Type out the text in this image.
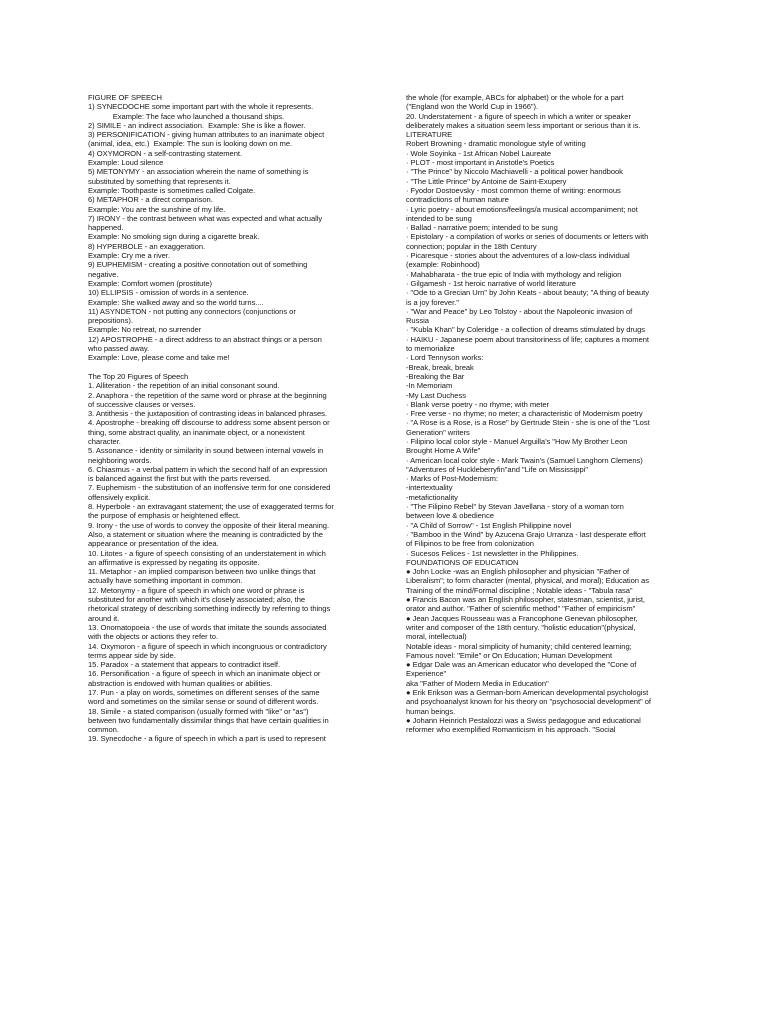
FIGURE OF SPEECH
1) SYNECDOCHE some important part with the whole it represents.
Example: The face who launched a thousand ships.
2) SIMILE - an indirect association.  Example: She is like a flower.
3) PERSONIFICATION - giving human attributes to an inanimate object
(animal, idea, etc.)  Example: The sun is looking down on me.
4) OXYMORON - a self-contrasting statement.
Example: Loud silence
5) METONYMY - an association wherein the name of something is
substituted by something that represents it.
Example: Toothpaste is sometimes called Colgate.
6) METAPHOR - a direct comparison.
Example: You are the sunshine of my life.
7) IRONY - the contrast between what was expected and what actually
happened.
Example: No smoking sign during a cigarette break.
8) HYPERBOLE - an exaggeration.
Example: Cry me a river.
9) EUPHEMISM - creating a positive connotation out of something
negative.
Example: Comfort women (prostitute)
10) ELLIPSIS - omission of words in a sentence.
Example: She walked away and so the world turns....
11) ASYNDETON - not putting any connectors (conjunctions or
prepositions).
Example: No retreat, no surrender
12) APOSTROPHE - a direct address to an abstract things or a person
who passed away.
Example: Love, please come and take me!
The Top 20 Figures of Speech
1. Alliteration - the repetition of an initial consonant sound.
2. Anaphora - the repetition of the same word or phrase at the beginning
of successive clauses or verses.
3. Antithesis - the juxtaposition of contrasting ideas in balanced phrases.
4. Apostrophe - breaking off discourse to address some absent person or
thing, some abstract quality, an inanimate object, or a nonexistent
character.
5. Assonance - identity or similarity in sound between internal vowels in
neighboring words.
6. Chiasmus - a verbal pattern in which the second half of an expression
is balanced against the first but with the parts reversed.
7. Euphemism - the substitution of an inoffensive term for one considered
offensively explicit.
8. Hyperbole - an extravagant statement; the use of exaggerated terms for
the purpose of emphasis or heightened effect.
9. Irony - the use of words to convey the opposite of their literal meaning.
Also, a statement or situation where the meaning is contradicted by the
appearance or presentation of the idea.
10. Litotes - a figure of speech consisting of an understatement in which
an affirmative is expressed by negating its opposite.
11. Metaphor - an implied comparison between two unlike things that
actually have something important in common.
12. Metonymy - a figure of speech in which one word or phrase is
substituted for another with which it's closely associated; also, the
rhetorical strategy of describing something indirectly by referring to things
around it.
13. Onomatopoeia - the use of words that imitate the sounds associated
with the objects or actions they refer to.
14. Oxymoron - a figure of speech in which incongruous or contradictory
terms appear side by side.
15. Paradox - a statement that appears to contradict itself.
16. Personification - a figure of speech in which an inanimate object or
abstraction is endowed with human qualities or abilities.
17. Pun - a play on words, sometimes on different senses of the same
word and sometimes on the similar sense or sound of different words.
18. Simile - a stated comparison (usually formed with "like" or "as")
between two fundamentally dissimilar things that have certain qualities in
common.
19. Synecdoche - a figure of speech in which a part is used to represent
the whole (for example, ABCs for alphabet) or the whole for a part
("England won the World Cup in 1966").
20. Understatement - a figure of speech in which a writer or speaker
deliberately makes a situation seem less important or serious than it is.
LITERATURE
Robert Browning - dramatic monologue style of writing
· Wole Soyinka - 1st African Nobel Laureate
· PLOT - most important in Aristotle's Poetics
· "The Prince" by Niccolo Machiavelli - a political power handbook
· "The Little Prince" by Antoine de Saint-Exupery
· Fyodor Dostoevsky - most common theme of writing: enormous
contradictions of human nature
· Lyric poetry - about emotions/feelings/a musical accompaniment; not
intended to be sung
· Ballad - narrative poem; intended to be sung
· Epistolary - a compilation of works or series of documents or letters with
connection; popular in the 18th Century
· Picaresque - stories about the adventures of a low-class individual
(example: Robinhood)
· Mahabharata - the true epic of India with mythology and religion
· Gilgamesh - 1st heroic narrative of world literature
· "Ode to a Grecian Urn" by John Keats - about beauty; "A thing of beauty
is a joy forever."
· "War and Peace" by Leo Tolstoy - about the Napoleonic invasion of
Russia
· "Kubla Khan" by Coleridge - a collection of dreams stimulated by drugs
· HAIKU - Japanese poem about transitoriness of life; captures a moment
to memorialize
· Lord Tennyson works:
-Break, break, break
-Breaking the Bar
-In Memoriam
-My Last Duchess
· Blank verse poetry - no rhyme; with meter
· Free verse - no rhyme; no meter; a characteristic of Modernism poetry
· "A Rose is a Rose, is a Rose" by Gertrude Stein - she is one of the "Lost
Generation" writers
· Filipino local color style - Manuel Arguilla's "How My Brother Leon
Brought Home A Wife"
· American local color style - Mark Twain's (Samuel Langhorn Clemens)
"Adventures of Huckleberryfin"and "Life on Mississippi"
· Marks of Post-Modernism:
-intertextuality
-metafictionality
· "The Filipino Rebel" by Stevan Javellana - story of a woman torn
between love & obedience
· "A Child of Sorrow" - 1st English Philippine novel
· "Bamboo in the Wind" by Azucena Grajo Urranza - last desperate effort
of Filipinos to be free from colonization
· Sucesos Felices - 1st newsletter in the Philippines.
FOUNDATIONS OF EDUCATION
● John Locke -was an English philosopher and physician "Father of
Liberalism"; to form character (mental, physical, and moral); Education as
Training of the mind/Formal discipline ; Notable ideas - "Tabula rasa"
● Francis Bacon was an English philosopher, statesman, scientist, jurist,
orator and author. "Father of scientific method" "Father of empiricism"
● Jean Jacques Rousseau was a Francophone Genevan philosopher,
writer and composer of the 18th century. "holistic education"(physical,
moral, intellectual)
Notable ideas - moral simplicity of humanity; child centered learning;
Famous novel: "Emile" or On Education; Human Development
● Edgar Dale was an American educator who developed the "Cone of
Experience"
aka "Father of Modern Media in Education"
● Erik Erikson was a German-born American developmental psychologist
and psychoanalyst known for his theory on "psychosocial development" of
human beings.
● Johann Heinrich Pestalozzi was a Swiss pedagogue and educational
reformer who exemplified Romanticism in his approach. "Social
